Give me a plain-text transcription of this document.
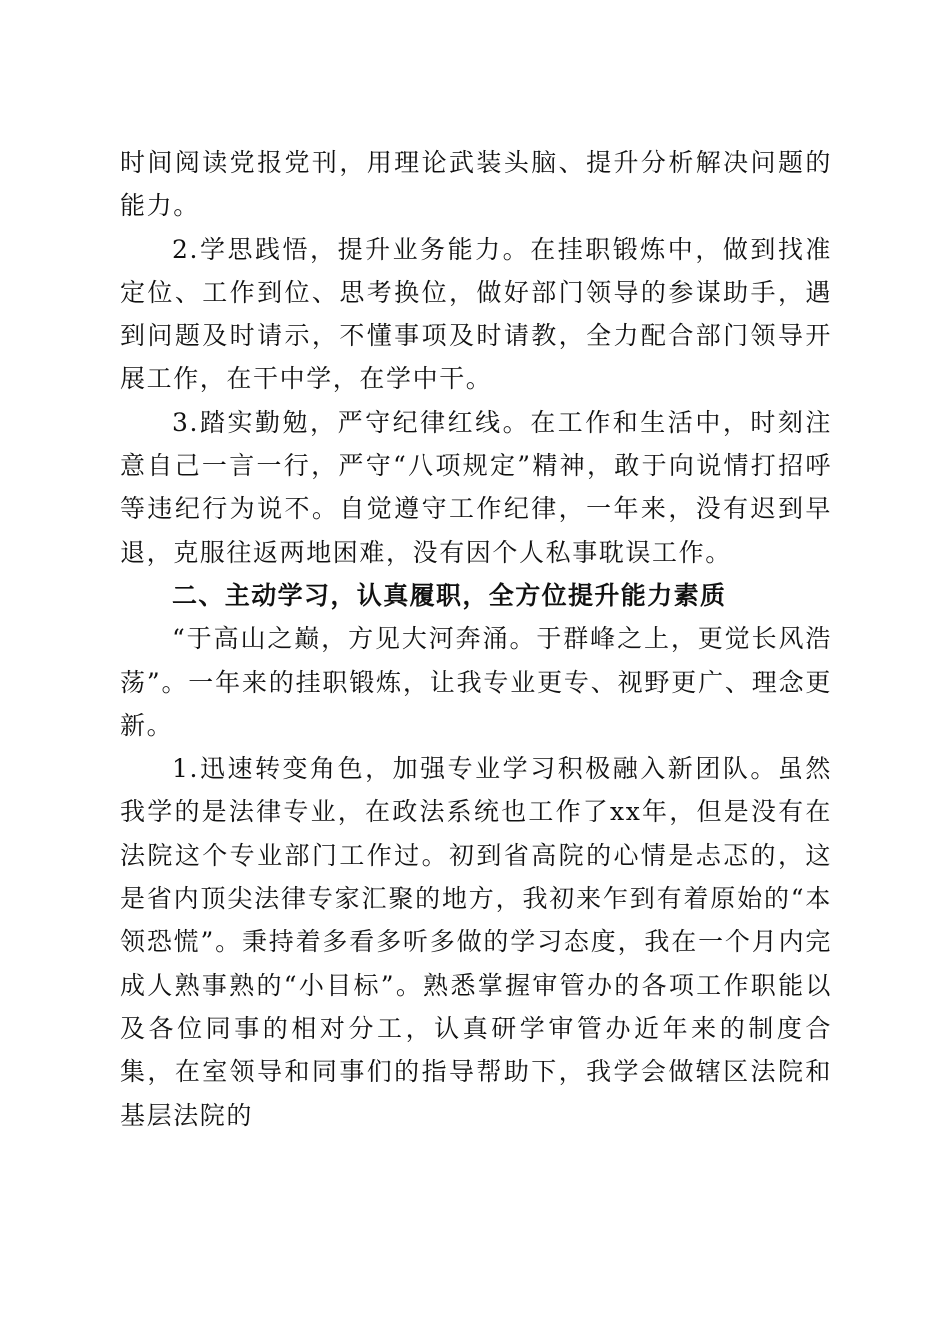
时间阅读党报党刊，用理论武装头脑、提升分析解决问题的能力。

2.学思践悟，提升业务能力。在挂职锻炼中，做到找准定位、工作到位、思考换位，做好部门领导的参谋助手，遇到问题及时请示，不懂事项及时请教，全力配合部门领导开展工作，在干中学，在学中干。

3.踏实勤勉，严守纪律红线。在工作和生活中，时刻注意自己一言一行，严守“八项规定”精神，敢于向说情打招呼等违纪行为说不。自觉遵守工作纪律，一年来，没有迟到早退，克服往返两地困难，没有因个人私事耽误工作。

二、主动学习，认真履职，全方位提升能力素质

“于高山之巅，方见大河奔涌。于群峰之上，更觉长风浩荡”。一年来的挂职锻炼，让我专业更专、视野更广、理念更新。

1.迅速转变角色，加强专业学习积极融入新团队。虽然我学的是法律专业，在政法系统也工作了xx年，但是没有在法院这个专业部门工作过。初到省高院的心情是忐忑的，这是省内顶尖法律专家汇聚的地方，我初来乍到有着原始的“本领恐慌”。秉持着多看多听多做的学习态度，我在一个月内完成人熟事熟的“小目标”。熟悉掌握审管办的各项工作职能以及各位同事的相对分工，认真研学审管办近年来的制度合集，在室领导和同事们的指导帮助下，我学会做辖区法院和基层法院的
